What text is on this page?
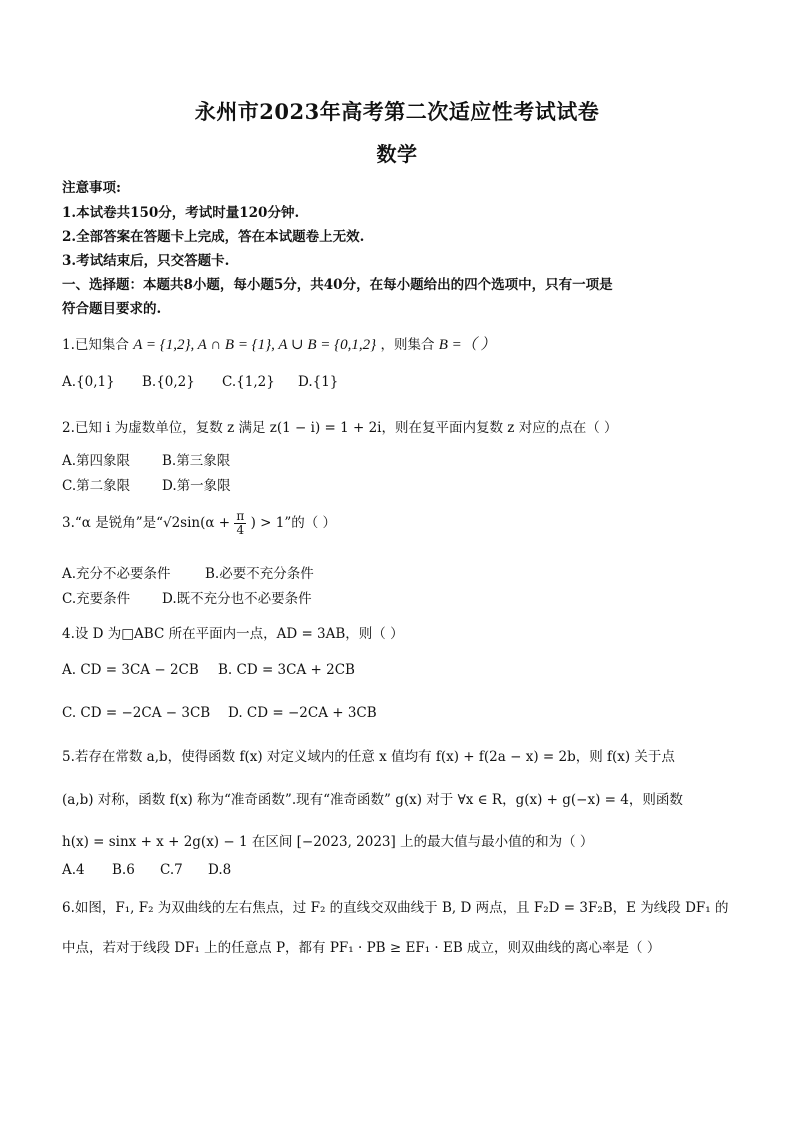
永州市2023年高考第二次适应性考试试卷
数学
注意事项:
1.本试卷共150分，考试时量120分钟.
2.全部答案在答题卡上完成，答在本试题卷上无效.
3.考试结束后，只交答题卡.
一、选择题：本题共8小题，每小题5分，共40分，在每小题给出的四个选项中，只有一项是
符合题目要求的.
1.已知集合 A = {1,2}, A ∩ B = {1}, A ∪ B = {0,1,2} ，则集合 B =（ ）
A.{0,1} B.{0,2} C.{1,2} D.{1}
2.已知 i 为虚数单位，复数 z 满足 z(1 − i) = 1 + 2i，则在复平面内复数 z 对应的点在（ ）
A.第四象限 B.第三象限
C.第二象限 D.第一象限
3.“α 是锐角”是“$√2\sin(\alpha + \frac{\pi}{4}$ ) > 1”的（ ）
A.充分不必要条件	B.必要不充分条件
C.充要条件 D.既不充分也不必要条件
4.设 D 为□ABC 所在平面内一点，AD = 3AB，则（ ）
A. CD = 3CA − 2CB B. CD = 3CA + 2CB
C. CD = −2CA − 3CB D. CD = −2CA + 3CB
5.若存在常数 a,b，使得函数 f(x) 对定义域内的任意 x 值均有 f(x) + f(2a − x) = 2b，则 f(x) 关于点
(a,b) 对称，函数 f(x) 称为“准奇函数”.现有“准奇函数” g(x) 对于 ∀x ∈ R，g(x) + g(−x) = 4，则函数
h(x) = sinx + x + 2g(x) − 1 在区间 [−2023, 2023] 上的最大值与最小值的和为（ ）
A.4 B.6 C.7 D.8
6.如图，F₁, F₂ 为双曲线的左右焦点，过 F₂ 的直线交双曲线于 B, D 两点，且 F₂D = 3F₂B，E 为线段 DF₁ 的
中点，若对于线段 DF₁ 上的任意点 P，都有 PF₁ · PB ≥ EF₁ · EB 成立，则双曲线的离心率是（ ）
